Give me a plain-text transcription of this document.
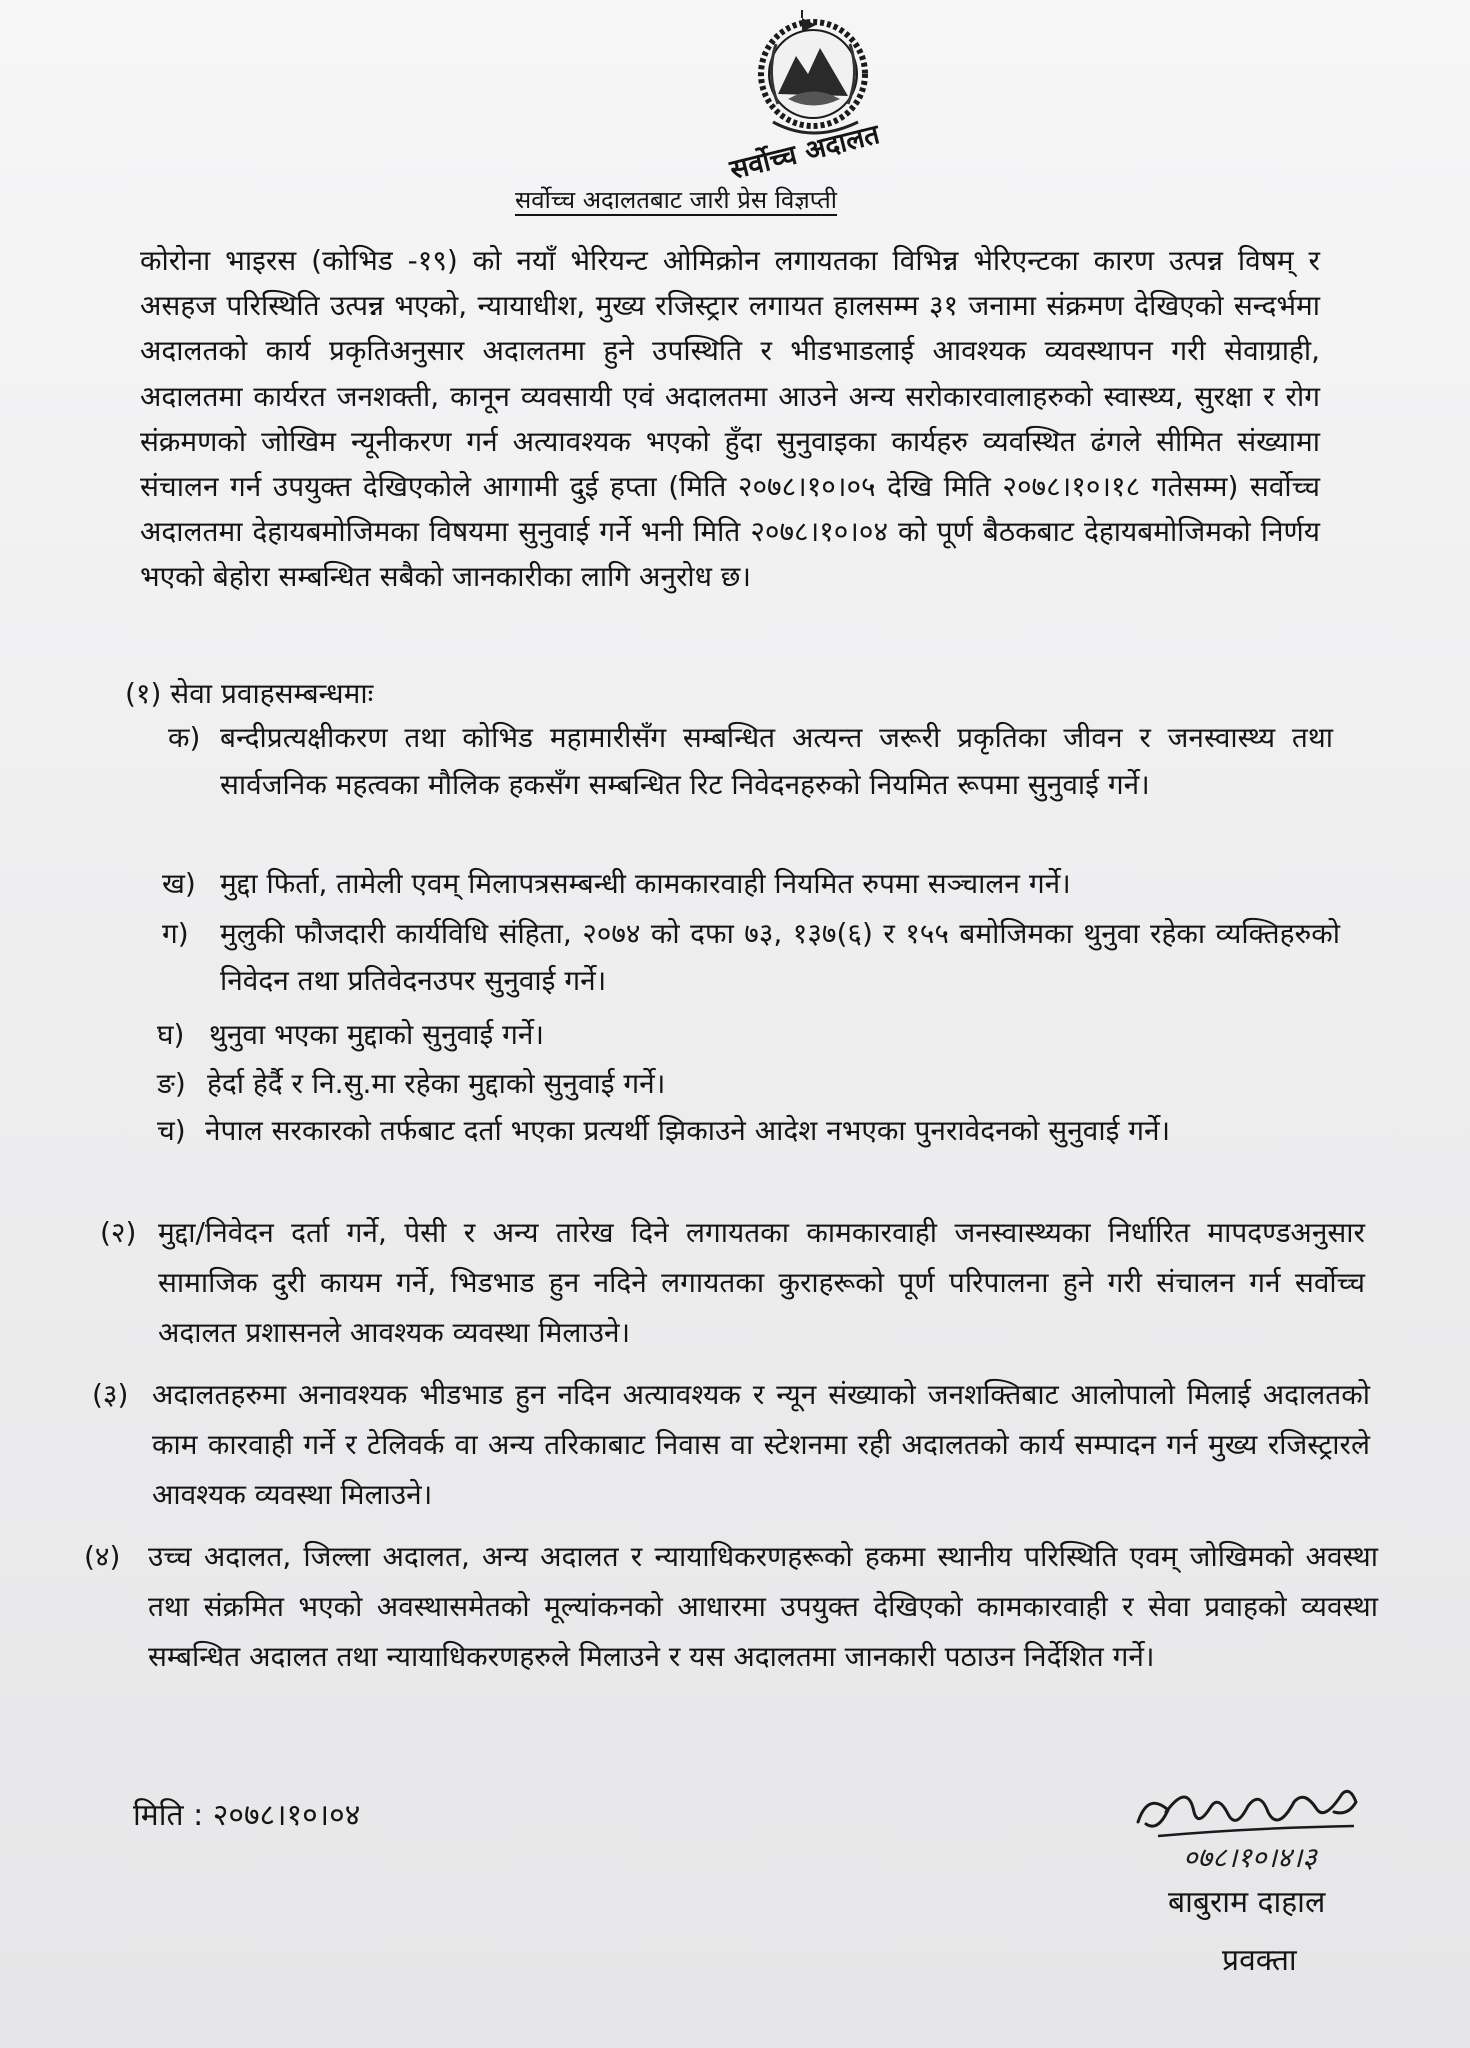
सर्वोच्च अदालत
सर्वोच्च अदालतबाट जारी प्रेस विज्ञप्ती

कोरोना भाइरस (कोभिड -१९) को नयाँ भेरियन्ट ओमिक्रोन लगायतका विभिन्न भेरिएन्टका कारण उत्पन्न विषम् र असहज परिस्थिति उत्पन्न भएको, न्यायाधीश, मुख्य रजिस्ट्रार लगायत हालसम्म ३१ जनामा संक्रमण देखिएको सन्दर्भमा अदालतको कार्य प्रकृतिअनुसार अदालतमा हुने उपस्थिति र भीडभाडलाई आवश्यक व्यवस्थापन गरी सेवाग्राही, अदालतमा कार्यरत जनशक्ती, कानून व्यवसायी एवं अदालतमा आउने अन्य सरोकारवालाहरुको स्वास्थ्य, सुरक्षा र रोग संक्रमणको जोखिम न्यूनीकरण गर्न अत्यावश्यक भएको हुँदा सुनुवाइका कार्यहरु व्यवस्थित ढंगले सीमित संख्यामा संचालन गर्न उपयुक्त देखिएकोले आगामी दुई हप्ता (मिति २०७८।१०।०५ देखि मिति २०७८।१०।१८ गतेसम्म) सर्वोच्च अदालतमा देहायबमोजिमका विषयमा सुनुवाई गर्ने भनी मिति २०७८।१०।०४ को पूर्ण बैठकबाट देहायबमोजिमको निर्णय भएको बेहोरा सम्बन्धित सबैको जानकारीका लागि अनुरोध छ।

(१) सेवा प्रवाहसम्बन्धमाः
क) बन्दीप्रत्यक्षीकरण तथा कोभिड महामारीसँग सम्बन्धित अत्यन्त जरूरी प्रकृतिका जीवन र जनस्वास्थ्य तथा सार्वजनिक महत्वका मौलिक हकसँग सम्बन्धित रिट निवेदनहरुको नियमित रूपमा सुनुवाई गर्ने।
ख) मुद्दा फिर्ता, तामेली एवम् मिलापत्रसम्बन्धी कामकारवाही नियमित रुपमा सञ्चालन गर्ने।
ग) मुलुकी फौजदारी कार्यविधि संहिता, २०७४ को दफा ७३, १३७(६) र १५५ बमोजिमका थुनुवा रहेका व्यक्तिहरुको निवेदन तथा प्रतिवेदनउपर सुनुवाई गर्ने।
घ) थुनुवा भएका मुद्दाको सुनुवाई गर्ने।
ङ) हेर्दा हेर्दै र नि.सु.मा रहेका मुद्दाको सुनुवाई गर्ने।
च) नेपाल सरकारको तर्फबाट दर्ता भएका प्रत्यर्थी झिकाउने आदेश नभएका पुनरावेदनको सुनुवाई गर्ने।
(२) मुद्दा/निवेदन दर्ता गर्ने, पेसी र अन्य तारेख दिने लगायतका कामकारवाही जनस्वास्थ्यका निर्धारित मापदण्डअनुसार सामाजिक दुरी कायम गर्ने, भिडभाड हुन नदिने लगायतका कुराहरूको पूर्ण परिपालना हुने गरी संचालन गर्न सर्वोच्च अदालत प्रशासनले आवश्यक व्यवस्था मिलाउने।
(३) अदालतहरुमा अनावश्यक भीडभाड हुन नदिन अत्यावश्यक र न्यून संख्याको जनशक्तिबाट आलोपालो मिलाई अदालतको काम कारवाही गर्ने र टेलिवर्क वा अन्य तरिकाबाट निवास वा स्टेशनमा रही अदालतको कार्य सम्पादन गर्न मुख्य रजिस्ट्रारले आवश्यक व्यवस्था मिलाउने।
(४) उच्च अदालत, जिल्ला अदालत, अन्य अदालत र न्यायाधिकरणहरूको हकमा स्थानीय परिस्थिति एवम् जोखिमको अवस्था तथा संक्रमित भएको अवस्थासमेतको मूल्यांकनको आधारमा उपयुक्त देखिएको कामकारवाही र सेवा प्रवाहको व्यवस्था सम्बन्धित अदालत तथा न्यायाधिकरणहरुले मिलाउने र यस अदालतमा जानकारी पठाउन निर्देशित गर्ने।
मिति : २०७८।१०।०४
०७८।१०।४।३
बाबुराम दाहाल
प्रवक्ता
